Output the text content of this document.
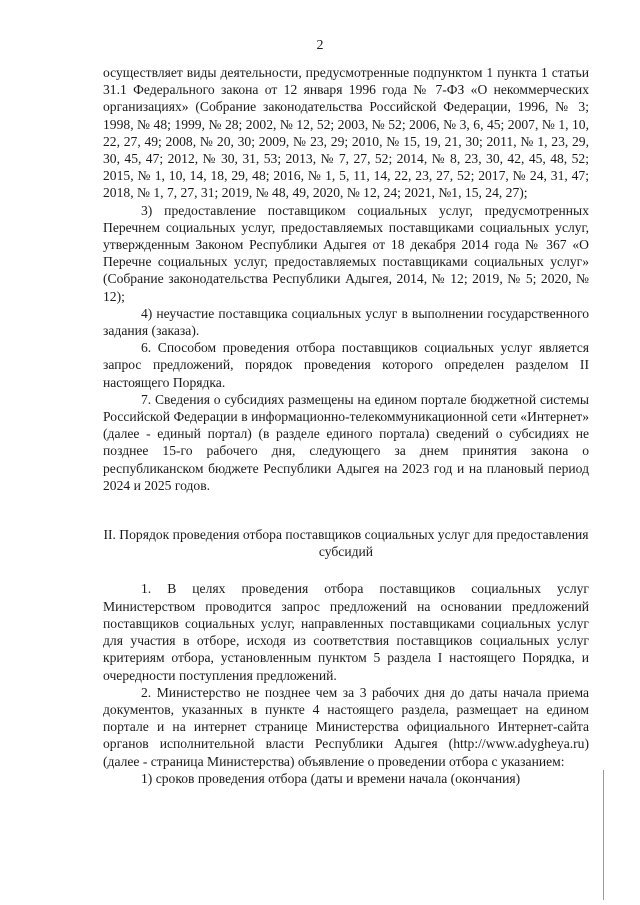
2

осуществляет виды деятельности, предусмотренные подпунктом 1 пункта 1 статьи 31.1 Федерального закона от 12 января 1996 года № 7-ФЗ «О некоммерческих организациях» (Собрание законодательства Российской Федерации, 1996, № 3; 1998, № 48; 1999, № 28; 2002, № 12, 52; 2003, № 52; 2006, № 3, 6, 45; 2007, № 1, 10, 22, 27, 49; 2008, № 20, 30; 2009, № 23, 29; 2010, № 15, 19, 21, 30; 2011, № 1, 23, 29, 30, 45, 47; 2012, № 30, 31, 53; 2013, № 7, 27, 52; 2014, № 8, 23, 30, 42, 45, 48, 52; 2015, № 1, 10, 14, 18, 29, 48; 2016, № 1, 5, 11, 14, 22, 23, 27, 52; 2017, № 24, 31, 47; 2018, № 1, 7, 27, 31; 2019, № 48, 49, 2020, № 12, 24; 2021, №1, 15, 24, 27);

3) предоставление поставщиком социальных услуг, предусмотренных Перечнем социальных услуг, предоставляемых поставщиками социальных услуг, утвержденным Законом Республики Адыгея от 18 декабря 2014 года № 367 «О Перечне социальных услуг, предоставляемых поставщиками социальных услуг» (Собрание законодательства Республики Адыгея, 2014, № 12; 2019, № 5; 2020, № 12);

4) неучастие поставщика социальных услуг в выполнении государственного задания (заказа).

6. Способом проведения отбора поставщиков социальных услуг является запрос предложений, порядок проведения которого определен разделом II настоящего Порядка.

7. Сведения о субсидиях размещены на едином портале бюджетной системы Российской Федерации в информационно-телекоммуникационной сети «Интернет» (далее - единый портал) (в разделе единого портала) сведений о субсидиях не позднее 15-го рабочего дня, следующего за днем принятия закона о республиканском бюджете Республики Адыгея на 2023 год и на плановый период 2024 и 2025 годов.

II. Порядок проведения отбора поставщиков социальных услуг для предоставления субсидий

1. В целях проведения отбора поставщиков социальных услуг Министерством проводится запрос предложений на основании предложений поставщиков социальных услуг, направленных поставщиками социальных услуг для участия в отборе, исходя из соответствия поставщиков социальных услуг критериям отбора, установленным пунктом 5 раздела I настоящего Порядка, и очередности поступления предложений.

2. Министерство не позднее чем за 3 рабочих дня до даты начала приема документов, указанных в пункте 4 настоящего раздела, размещает на едином портале и на интернет странице Министерства официального Интернет-сайта органов исполнительной власти Республики Адыгея (http://www.adygheya.ru) (далее - страница Министерства) объявление о проведении отбора с указанием:

1) сроков проведения отбора (даты и времени начала (окончания)
